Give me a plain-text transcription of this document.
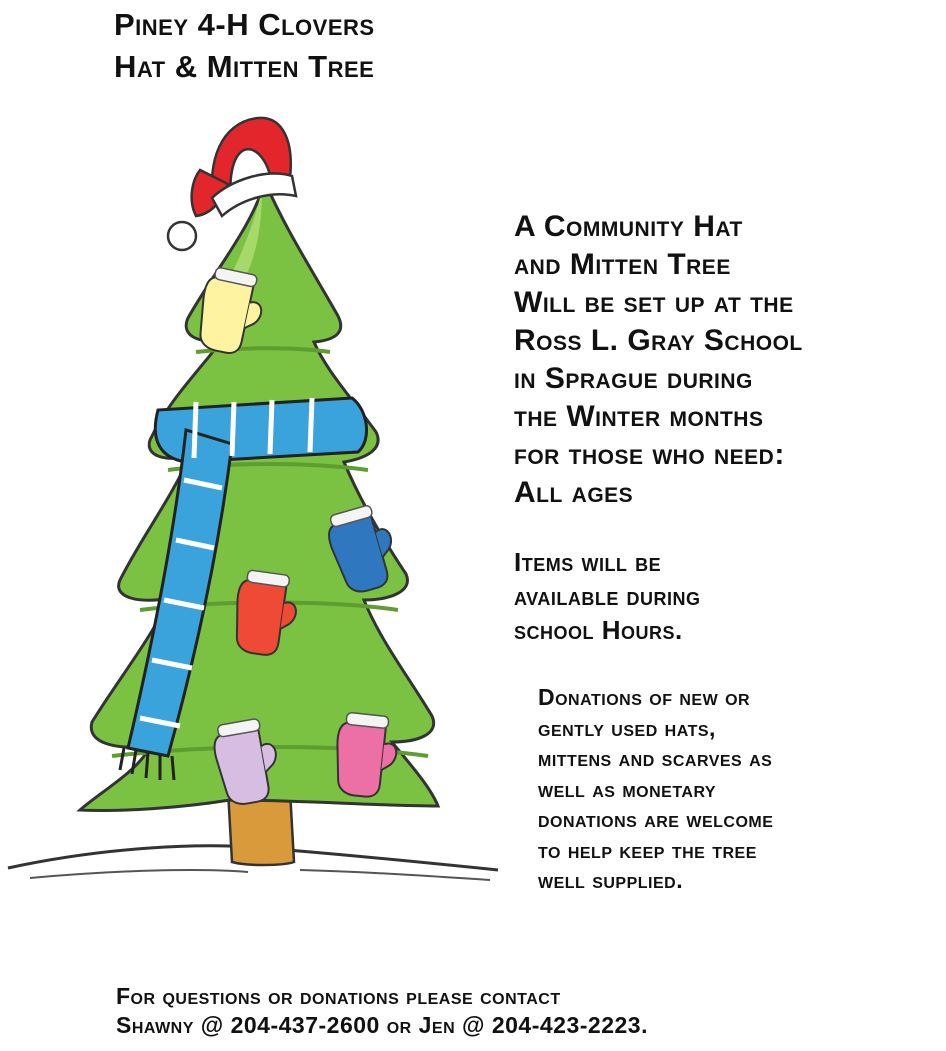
Piney 4-H Clovers
Hat & Mitten Tree
A Community Hat
and Mitten Tree
Will be set up at the
Ross L. Gray School
in Sprague during
the Winter months
for those who need:
All ages
Items will be
available during
school Hours.
Donations of new or
gently used hats,
mittens and scarves as
well as monetary
donations are welcome
to help keep the tree
well supplied.
For questions or donations please contact
Shawny @ 204-437-2600 or Jen @ 204-423-2223.
